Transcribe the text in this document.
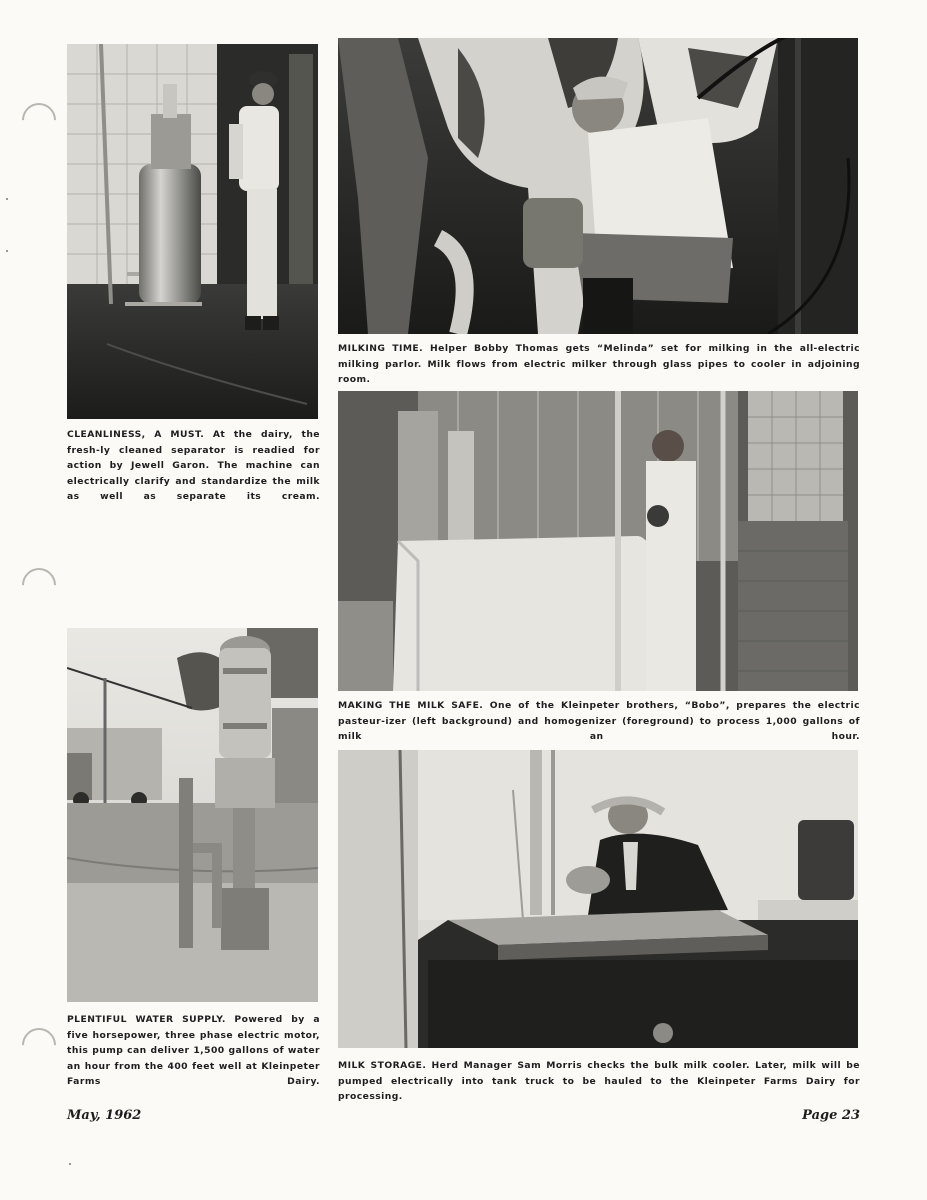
CLEANLINESS, A MUST. At the dairy, the fresh-ly cleaned separator is readied for action by Jewell Garon. The machine can electrically clarify and standardize the milk as well as separate its cream.

MILKING TIME. Helper Bobby Thomas gets “Melinda” set for milking in the all-electric milking parlor. Milk flows from electric milker through glass pipes to cooler in adjoining room.

MAKING THE MILK SAFE. One of the Kleinpeter brothers, “Bobo”, prepares the electric pasteur-izer (left background) and homogenizer (foreground) to process 1,000 gallons of milk an hour.

PLENTIFUL WATER SUPPLY. Powered by a five horsepower, three phase electric motor, this pump can deliver 1,500 gallons of water an hour from the 400 feet well at Kleinpeter Farms Dairy.

MILK STORAGE. Herd Manager Sam Morris checks the bulk milk cooler. Later, milk will be pumped electrically into tank truck to be hauled to the Kleinpeter Farms Dairy for processing.

May, 1962	Page 23
